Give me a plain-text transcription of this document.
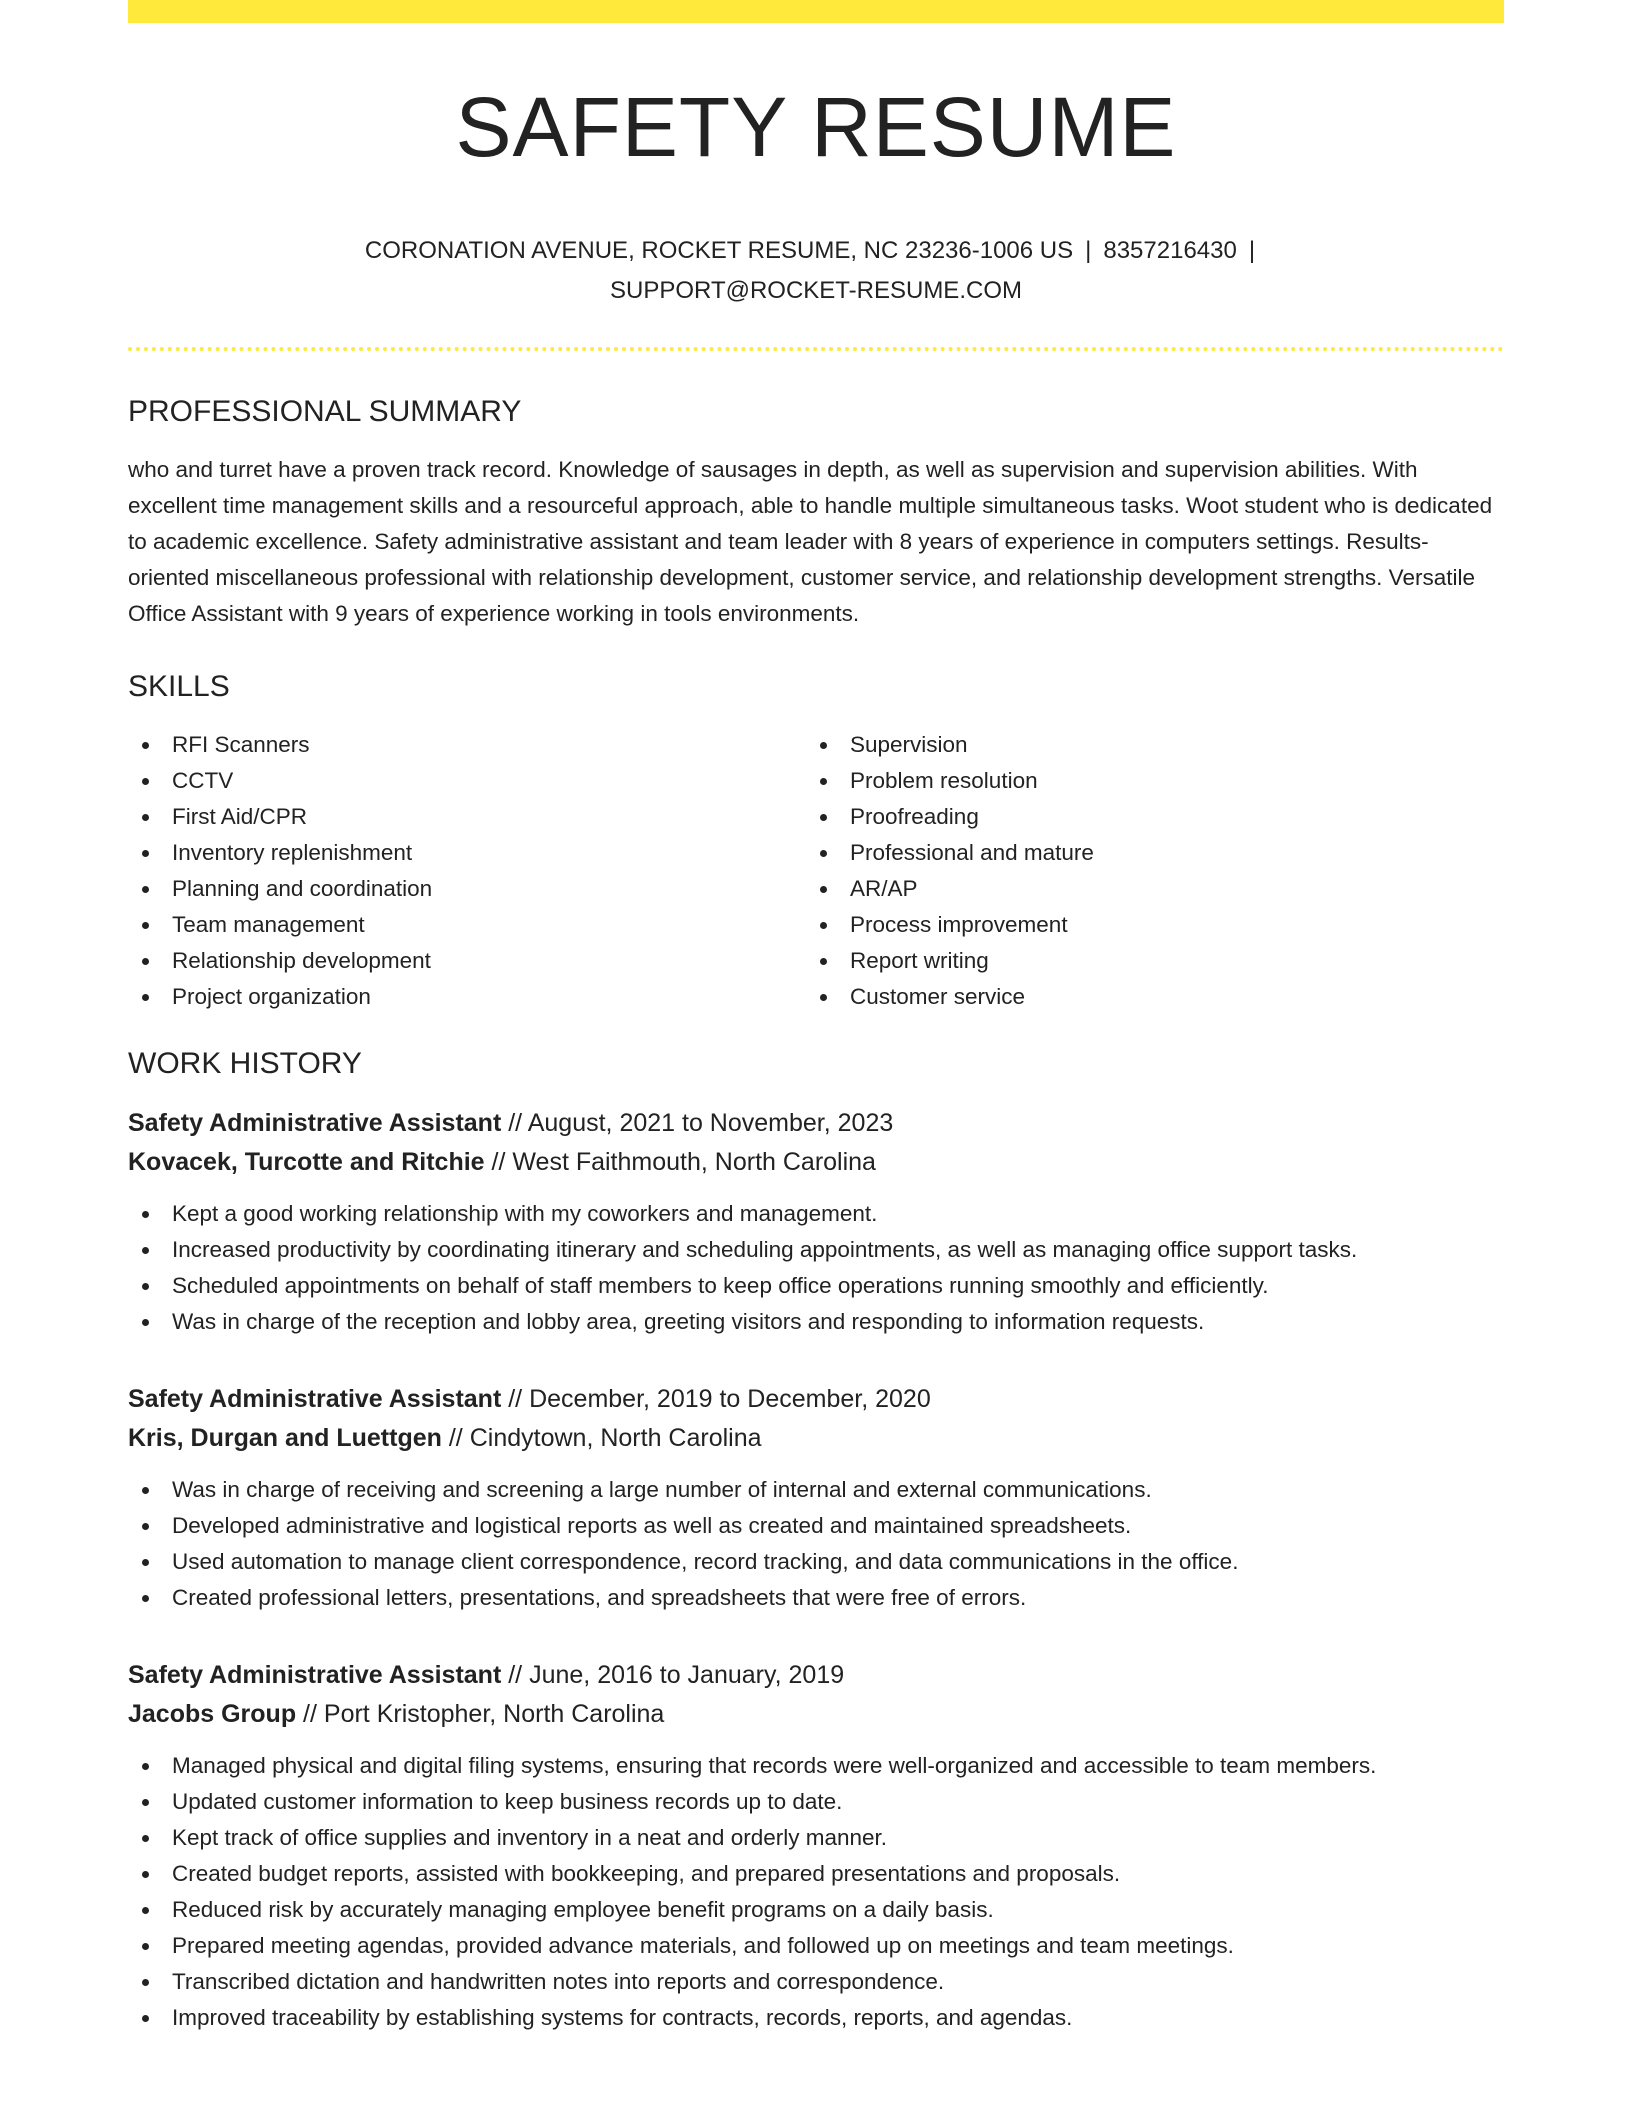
SAFETY RESUME
CORONATION AVENUE, ROCKET RESUME, NC 23236-1006 US | 8357216430 |
SUPPORT@ROCKET-RESUME.COM
PROFESSIONAL SUMMARY

who and turret have a proven track record. Knowledge of sausages in depth, as well as supervision and supervision abilities. With excellent time management skills and a resourceful approach, able to handle multiple simultaneous tasks. Woot student who is dedicated to academic excellence. Safety administrative assistant and team leader with 8 years of experience in computers settings. Results-oriented miscellaneous professional with relationship development, customer service, and relationship development strengths. Versatile Office Assistant with 9 years of experience working in tools environments.

SKILLS
RFI Scanners
CCTV
First Aid/CPR
Inventory replenishment
Planning and coordination
Team management
Relationship development
Project organization
Supervision
Problem resolution
Proofreading
Professional and mature
AR/AP
Process improvement
Report writing
Customer service
WORK HISTORY
Safety Administrative Assistant // August, 2021 to November, 2023
Kovacek, Turcotte and Ritchie // West Faithmouth, North Carolina
Kept a good working relationship with my coworkers and management.
Increased productivity by coordinating itinerary and scheduling appointments, as well as managing office support tasks.
Scheduled appointments on behalf of staff members to keep office operations running smoothly and efficiently.
Was in charge of the reception and lobby area, greeting visitors and responding to information requests.
Safety Administrative Assistant // December, 2019 to December, 2020
Kris, Durgan and Luettgen // Cindytown, North Carolina
Was in charge of receiving and screening a large number of internal and external communications.
Developed administrative and logistical reports as well as created and maintained spreadsheets.
Used automation to manage client correspondence, record tracking, and data communications in the office.
Created professional letters, presentations, and spreadsheets that were free of errors.
Safety Administrative Assistant // June, 2016 to January, 2019
Jacobs Group // Port Kristopher, North Carolina
Managed physical and digital filing systems, ensuring that records were well-organized and accessible to team members.
Updated customer information to keep business records up to date.
Kept track of office supplies and inventory in a neat and orderly manner.
Created budget reports, assisted with bookkeeping, and prepared presentations and proposals.
Reduced risk by accurately managing employee benefit programs on a daily basis.
Prepared meeting agendas, provided advance materials, and followed up on meetings and team meetings.
Transcribed dictation and handwritten notes into reports and correspondence.
Improved traceability by establishing systems for contracts, records, reports, and agendas.
